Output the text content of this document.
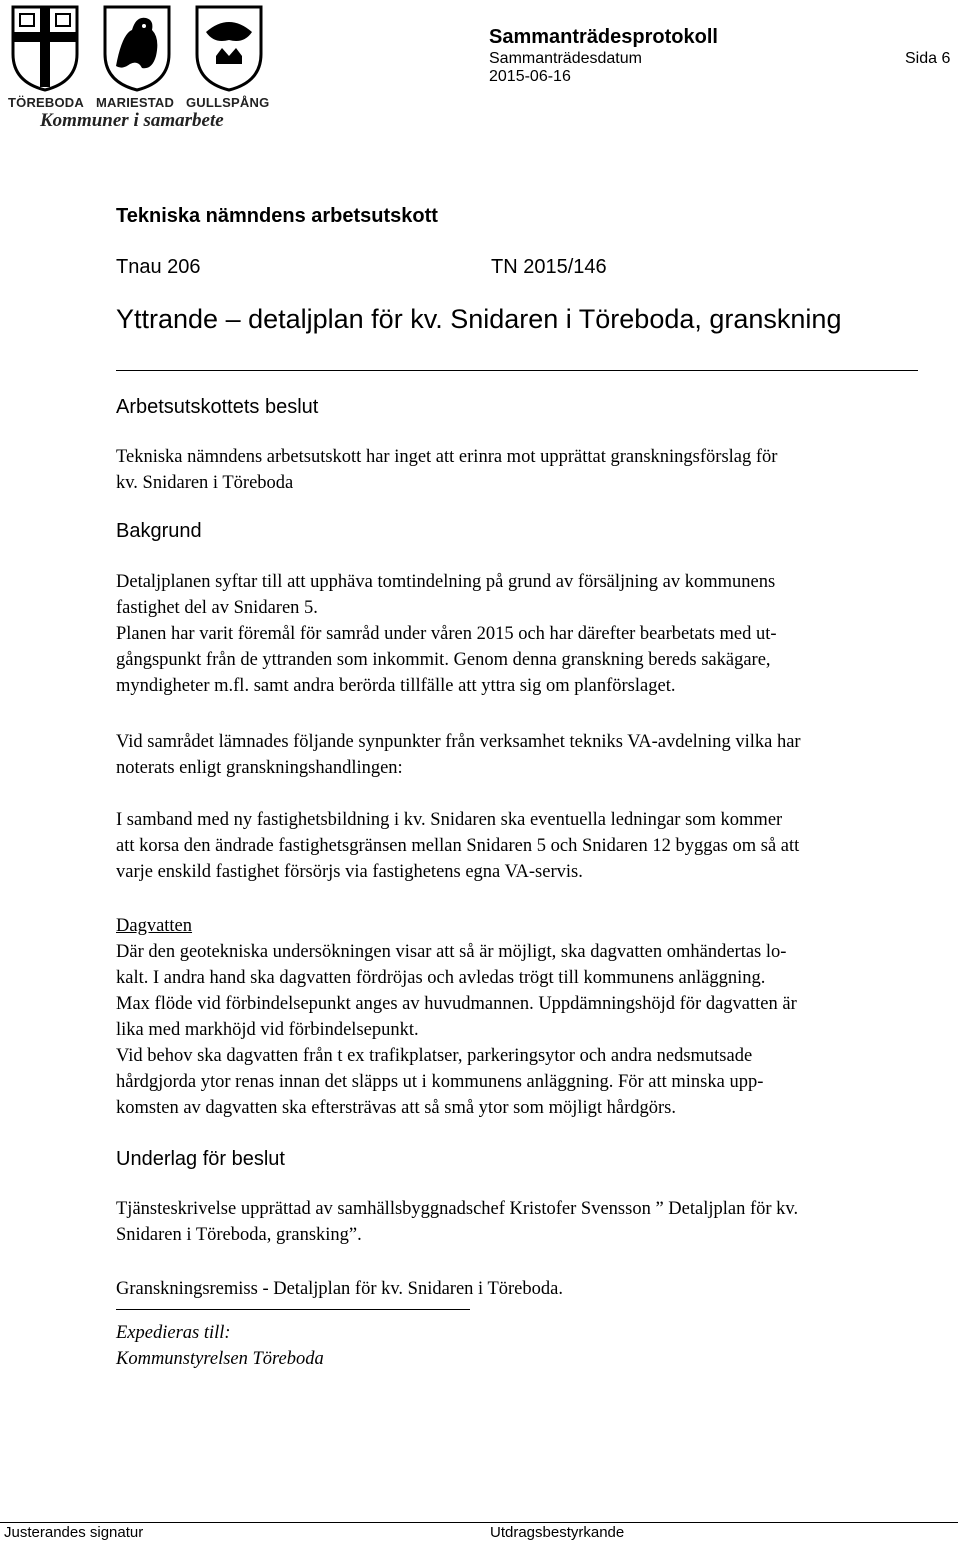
TÖREBODA MARIESTAD GULLSPÅNG
Kommuner i samarbete
Sammanträdesprotokoll
Sammanträdesdatum
2015-06-16
Sida 6
Tekniska nämndens arbetsutskott
Tnau 206	TN 2015/146
Yttrande – detaljplan för kv. Snidaren i Töreboda, granskning
Arbetsutskottets beslut

Tekniska nämndens arbetsutskott har inget att erinra mot upprättat granskningsförslag för

kv. Snidaren i Töreboda

Bakgrund

Detaljplanen syftar till att upphäva tomtindelning på grund av försäljning av kommunens

fastighet del av Snidaren 5.

Planen har varit föremål för samråd under våren 2015 och har därefter bearbetats med ut-

gångspunkt från de yttranden som inkommit. Genom denna granskning bereds sakägare,

myndigheter m.fl. samt andra berörda tillfälle att yttra sig om planförslaget.

Vid samrådet lämnades följande synpunkter från verksamhet tekniks VA-avdelning vilka har

noterats enligt granskningshandlingen:

I samband med ny fastighetsbildning i kv. Snidaren ska eventuella ledningar som kommer

att korsa den ändrade fastighetsgränsen mellan Snidaren 5 och Snidaren 12 byggas om så att

varje enskild fastighet försörjs via fastighetens egna VA-servis.

Dagvatten

Där den geotekniska undersökningen visar att så är möjligt, ska dagvatten omhändertas lo-

kalt. I andra hand ska dagvatten fördröjas och avledas trögt till kommunens anläggning.

Max flöde vid förbindelsepunkt anges av huvudmannen. Uppdämningshöjd för dagvatten är

lika med markhöjd vid förbindelsepunkt.

Vid behov ska dagvatten från t ex trafikplatser, parkeringsytor och andra nedsmutsade

hårdgjorda ytor renas innan det släpps ut i kommunens anläggning. För att minska upp-

komsten av dagvatten ska eftersträvas att så små ytor som möjligt hårdgörs.

Underlag för beslut

Tjänsteskrivelse upprättad av samhällsbyggnadschef Kristofer Svensson ” Detaljplan för kv.

Snidaren i Töreboda, gransking”.

Granskningsremiss - Detaljplan för kv. Snidaren i Töreboda.

Expedieras till:

Kommunstyrelsen Töreboda

Justerandes signatur	Utdragsbestyrkande
